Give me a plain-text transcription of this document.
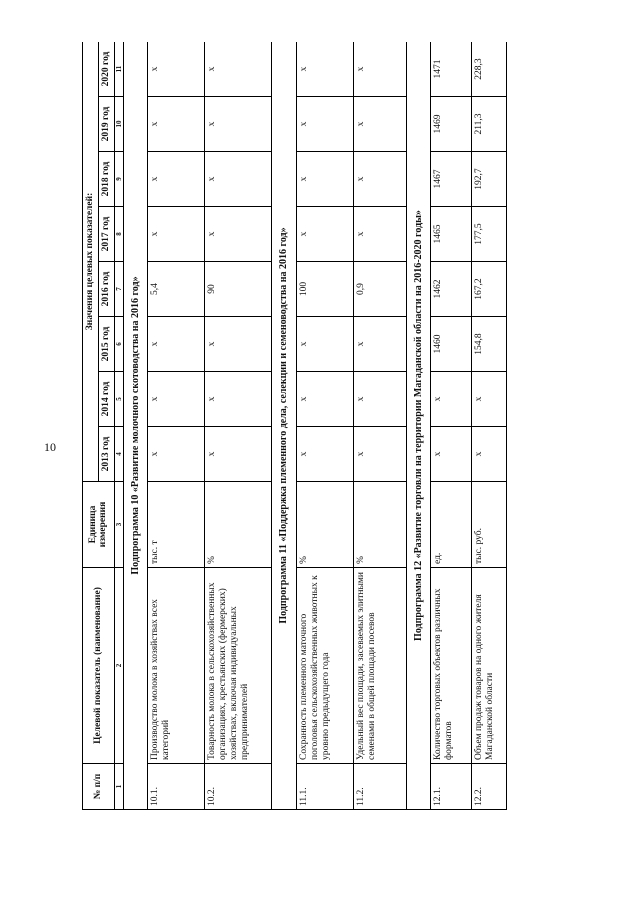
10
№ п/п	Целевой показатель (наименование)	Единица измерения	Значения целевых показателей:							
			2013 год	2014 год	2015 год	2016 год	2017 год	2018 год	2019 год	2020 год
1	2	3	4	5	6	7	8	9	10	11
Подпрограмма 10 «Развитие молочного скотоводства на 2016 год»										
10.1.	Производство молока в хозяйствах всех категорий	тыс. т	х	х	х	5,4	х	х	х	х
10.2.	Товарность молока в сельскохозяйственных организациях, крестьянских (фермерских) хозяйствах, включая индивидуальных предпринимателей	%	х	х	х	90	х	х	х	х
Подпрограмма 11 «Поддержка племенного дела, селекции и семеноводства на 2016 год»										
11.1.	Сохранность племенного маточного поголовья сельскохозяйственных животных к уровню предыдущего года	%	х	х	х	100	х	х	х	х
11.2.	Удельный вес площади, засеваемых элитными семенами в общей площади посевов	%	х	х	х	0,9	х	х	х	х
Подпрограмма 12 «Развитие торговли на территории Магаданской области на 2016-2020 годы»										
12.1.	Количество торговых объектов различных форматов	ед.	х	х	1460	1462	1465	1467	1469	1471
12.2.	Объем продаж товаров на одного жителя Магаданской области	тыс. руб.	х	х	154,8	167,2	177,5	192,7	211,3	228,3
